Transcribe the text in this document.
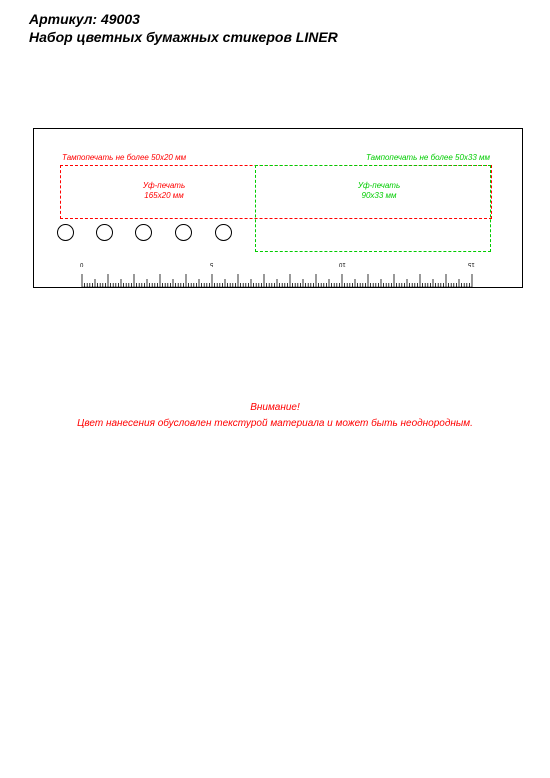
Артикул: 49003
Набор цветных бумажных стикеров LINER
Тампопечать не более 50x20 мм	Тампопечать не более 50x33 мм
Уф-печать
165x20 мм
Уф-печать
90x33 мм
0	5	10	15
Внимание!
Цвет нанесения обусловлен текстурой материала и может быть неоднородным.
